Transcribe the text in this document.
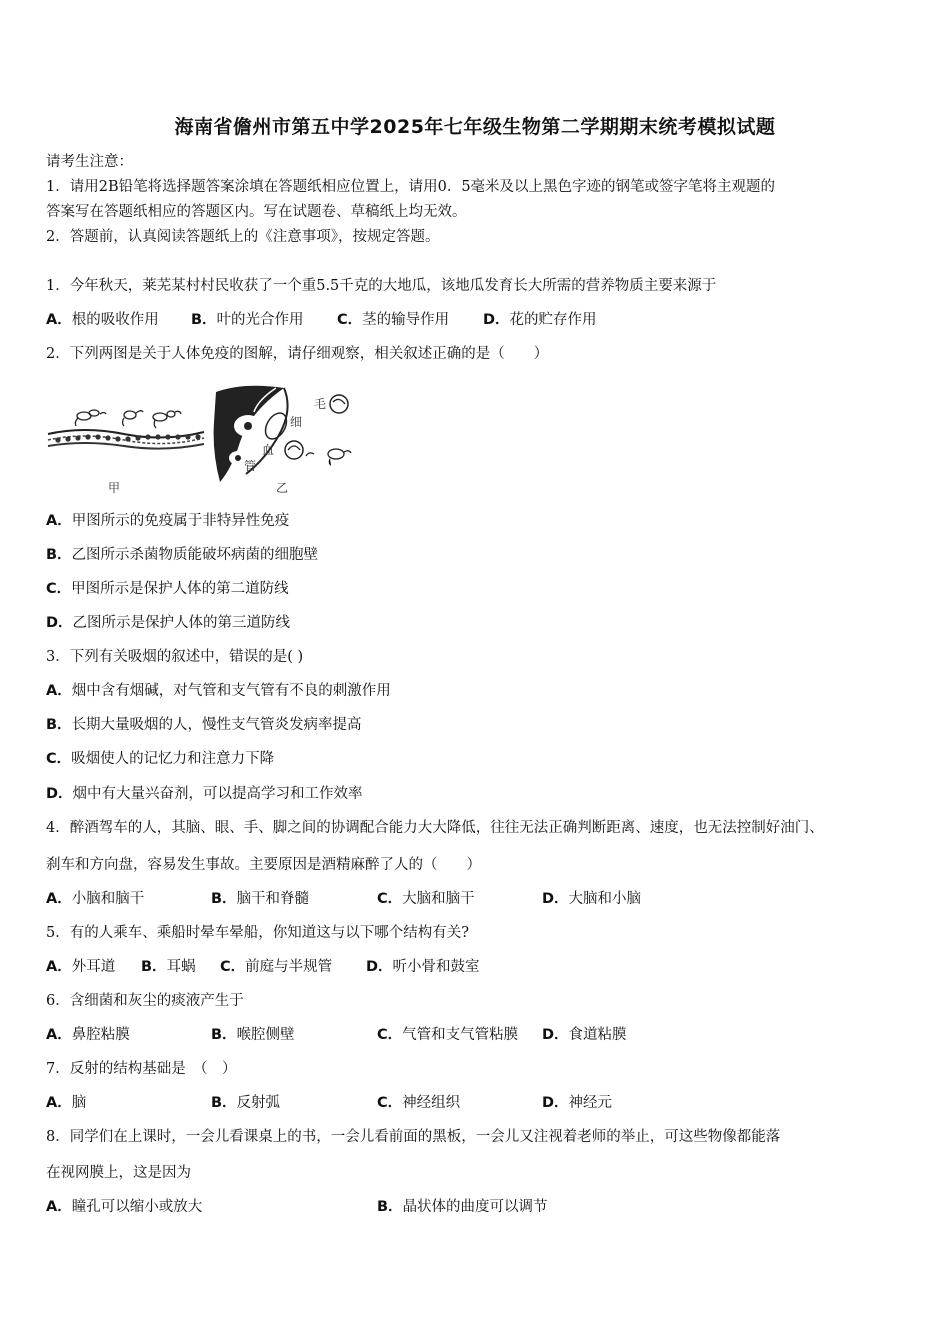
海南省儋州市第五中学2025年七年级生物第二学期期末统考模拟试题
请考生注意：
1．请用2B铅笔将选择题答案涂填在答题纸相应位置上，请用0．5毫米及以上黑色字迹的钢笔或签字笔将主观题的
答案写在答题纸相应的答题区内。写在试题卷、草稿纸上均无效。
2．答题前，认真阅读答题纸上的《注意事项》，按规定答题。
1．今年秋天，莱芜某村村民收获了一个重5.5千克的大地瓜，该地瓜发育长大所需的营养物质主要来源于
A．根的吸收作用 B．叶的光合作用 C．茎的输导作用 D．花的贮存作用
2．下列两图是关于人体免疫的图解，请仔细观察，相关叙述正确的是（　　）
毛
细
血
管
甲	乙
A．甲图所示的免疫属于非特异性免疫
B．乙图所示杀菌物质能破坏病菌的细胞壁
C．甲图所示是保护人体的第二道防线
D．乙图所示是保护人体的第三道防线
3．下列有关吸烟的叙述中，错误的是( )
A．烟中含有烟碱，对气管和支气管有不良的刺激作用
B．长期大量吸烟的人，慢性支气管炎发病率提高
C．吸烟使人的记忆力和注意力下降
D．烟中有大量兴奋剂，可以提高学习和工作效率
4．醉酒驾车的人，其脑、眼、手、脚之间的协调配合能力大大降低，往往无法正确判断距离、速度，也无法控制好油门、
刹车和方向盘，容易发生事故。主要原因是酒精麻醉了人的（　　）
A．小脑和脑干	B．脑干和脊髓	C．大脑和脑干	D．大脑和小脑
5．有的人乘车、乘船时晕车晕船，你知道这与以下哪个结构有关?
A．外耳道 B．耳蜗 C．前庭与半规管 D．听小骨和鼓室
6．含细菌和灰尘的痰液产生于
A．鼻腔粘膜	B．喉腔侧壁	C．气管和支气管粘膜 D．食道粘膜
7．反射的结构基础是　（　）
A．脑	B．反射弧	C．神经组织	D．神经元
8．同学们在上课时，一会儿看课桌上的书，一会儿看前面的黑板，一会儿又注视着老师的举止，可这些物像都能落
在视网膜上，这是因为
A．瞳孔可以缩小或放大	B．晶状体的曲度可以调节
